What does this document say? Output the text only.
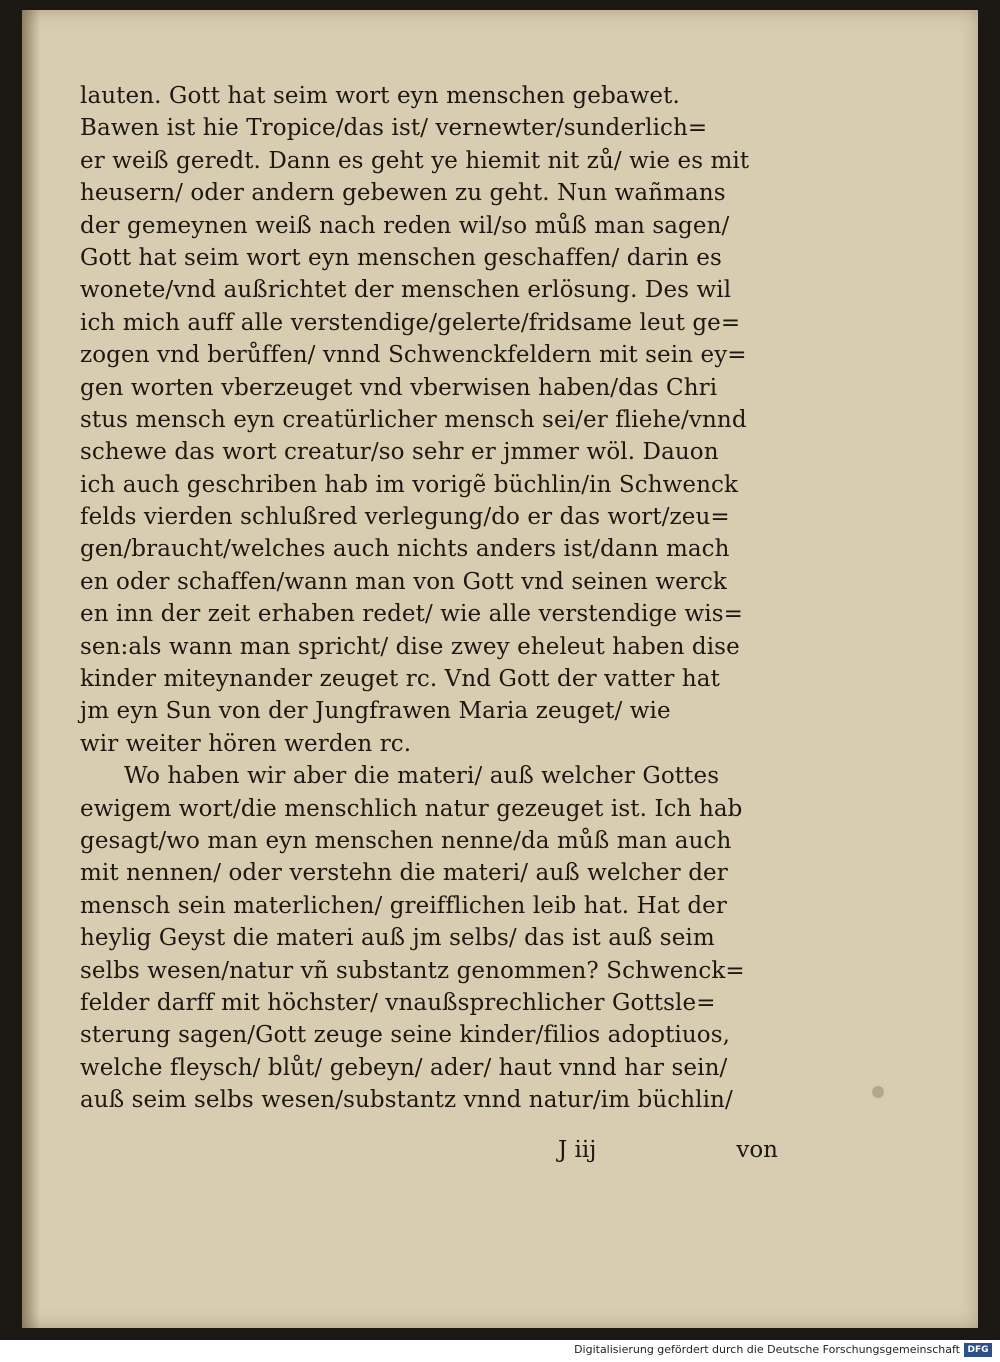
lauten. Gott hat seim wort eyn menschen gebawet.
Bawen ist hie Tropice/das ist/ vernewter/sunderlich=
er weiß geredt. Dann es geht ye hiemit nit zů/ wie es mit
heusern/ oder andern gebewen zu geht. Nun wañmans
der gemeynen weiß nach reden wil/so můß man sagen/
Gott hat seim wort eyn menschen geschaffen/ darin es
wonete/vnd außrichtet der menschen erlösung. Des wil
ich mich auff alle verstendige/gelerte/fridsame leut ge=
zogen vnd berůffen/ vnnd Schwenckfeldern mit sein ey=
gen worten vberzeuget vnd vberwisen haben/das Chri
stus mensch eyn creatürlicher mensch sei/er fliehe/vnnd
schewe das wort creatur/so sehr er jmmer wöl. Dauon
ich auch geschriben hab im vorigẽ büchlin/in Schwenck
felds vierden schlußred verlegung/do er das wort/zeu=
gen/braucht/welches auch nichts anders ist/dann mach
en oder schaffen/wann man von Gott vnd seinen werck
en inn der zeit erhaben redet/ wie alle verstendige wis=
sen:als wann man spricht/ dise zwey eheleut haben dise
kinder miteynander zeuget rc. Vnd Gott der vatter hat
jm eyn Sun von der Jungfrawen Maria zeuget/ wie
wir weiter hören werden rc.
Wo haben wir aber die materi/ auß welcher Gottes
ewigem wort/die menschlich natur gezeuget ist. Ich hab
gesagt/wo man eyn menschen nenne/da můß man auch
mit nennen/ oder verstehn die materi/ auß welcher der
mensch sein materlichen/ greifflichen leib hat. Hat der
heylig Geyst die materi auß jm selbs/ das ist auß seim
selbs wesen/natur vñ substantz genommen? Schwenck=
felder darff mit höchster/ vnaußsprechlicher Gottsle=
sterung sagen/Gott zeuge seine kinder/filios adoptiuos,
welche fleysch/ blůt/ gebeyn/ ader/ haut vnnd har sein/
auß seim selbs wesen/substantz vnnd natur/im büchlin/
J iij	von
Digitalisierung gefördert durch die Deutsche Forschungsgemeinschaft DFG
